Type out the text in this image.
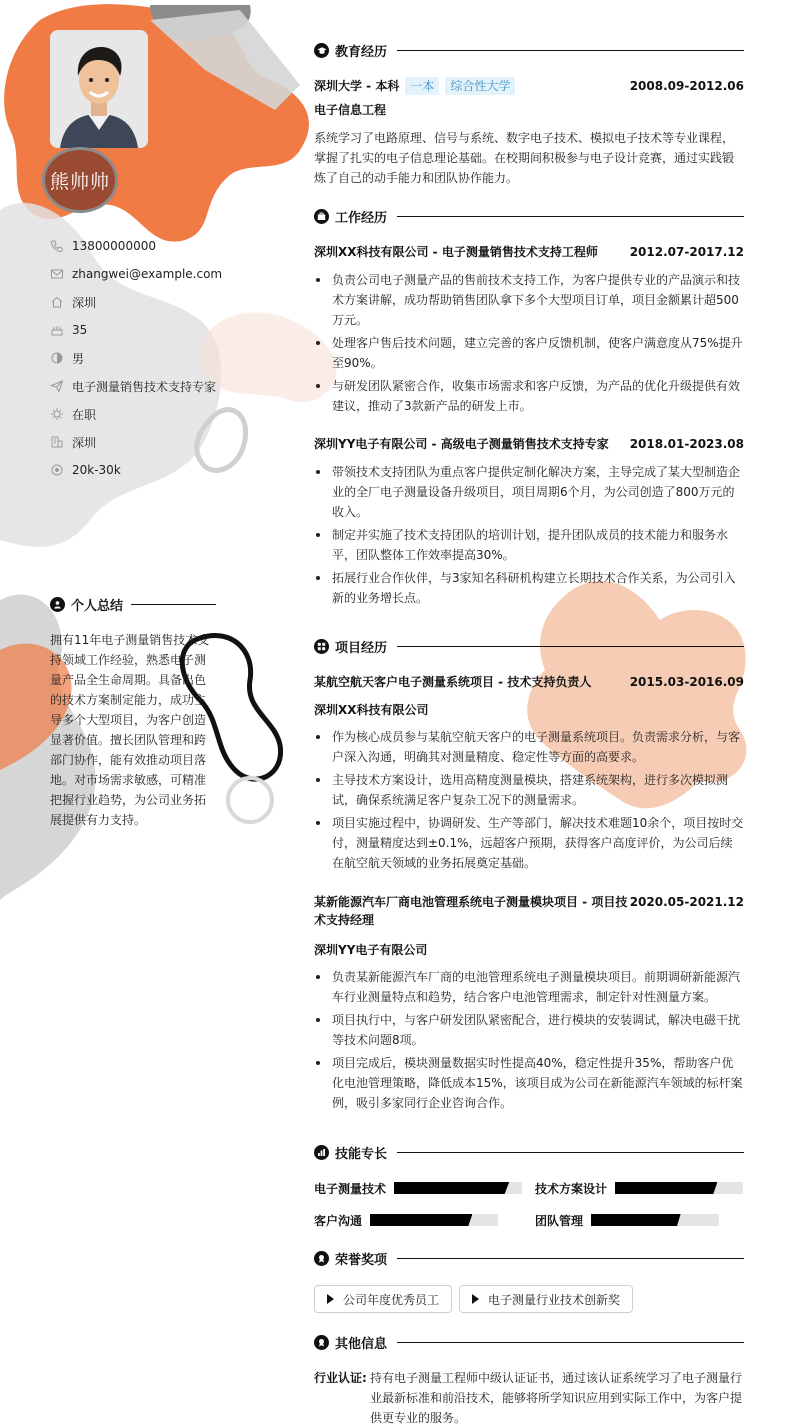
熊帅帅
13800000000
zhangwei@example.com
深圳
35
男
电子测量销售技术支持专家
在职
深圳
20k-30k
个人总结

拥有11年电子测量销售技术支持领域工作经验，熟悉电子测量产品全生命周期。具备出色的技术方案制定能力，成功主导多个大型项目，为客户创造显著价值。擅长团队管理和跨部门协作，能有效推动项目落地。对市场需求敏感，可精准把握行业趋势，为公司业务拓展提供有力支持。

教育经历
深圳大学 - 本科 一本 综合性大学	2008.09-2012.06
电子信息工程

系统学习了电路原理、信号与系统、数字电子技术、模拟电子技术等专业课程，掌握了扎实的电子信息理论基础。在校期间积极参与电子设计竞赛，通过实践锻炼了自己的动手能力和团队协作能力。

工作经历
深圳XX科技有限公司 - 电子测量销售技术支持工程师	2012.07-2017.12
负责公司电子测量产品的售前技术支持工作，为客户提供专业的产品演示和技术方案讲解，成功帮助销售团队拿下多个大型项目订单，项目金额累计超500万元。
处理客户售后技术问题，建立完善的客户反馈机制，使客户满意度从75%提升至90%。
与研发团队紧密合作，收集市场需求和客户反馈，为产品的优化升级提供有效建议，推动了3款新产品的研发上市。
深圳YY电子有限公司 - 高级电子测量销售技术支持专家 2018.01-2023.08
带领技术支持团队为重点客户提供定制化解决方案，主导完成了某大型制造企业的全厂电子测量设备升级项目，项目周期6个月，为公司创造了800万元的收入。
制定并实施了技术支持团队的培训计划，提升团队成员的技术能力和服务水平，团队整体工作效率提高30%。
拓展行业合作伙伴，与3家知名科研机构建立长期技术合作关系，为公司引入新的业务增长点。
项目经历
某航空航天客户电子测量系统项目 - 技术支持负责人	2015.03-2016.09
深圳XX科技有限公司
作为核心成员参与某航空航天客户的电子测量系统项目。负责需求分析，与客户深入沟通，明确其对测量精度、稳定性等方面的高要求。
主导技术方案设计，选用高精度测量模块，搭建系统架构，进行多次模拟测试，确保系统满足客户复杂工况下的测量需求。
项目实施过程中，协调研发、生产等部门，解决技术难题10余个，项目按时交付，测量精度达到±0.1%，远超客户预期，获得客户高度评价，为公司后续在航空航天领域的业务拓展奠定基础。
某新能源汽车厂商电池管理系统电子测量模块项目 - 项目技术支持经理
2020.05-2021.12
深圳YY电子有限公司
负责某新能源汽车厂商的电池管理系统电子测量模块项目。前期调研新能源汽车行业测量特点和趋势，结合客户电池管理需求，制定针对性测量方案。
项目执行中，与客户研发团队紧密配合，进行模块的安装调试，解决电磁干扰等技术问题8项。
项目完成后，模块测量数据实时性提高40%，稳定性提升35%，帮助客户优化电池管理策略，降低成本15%，该项目成为公司在新能源汽车领域的标杆案例，吸引多家同行企业咨询合作。
技能专长
电子测量技术	技术方案设计
客户沟通	团队管理
荣誉奖项
公司年度优秀员工	电子测量行业技术创新奖
其他信息
行业认证: 持有电子测量工程师中级认证证书，通过该认证系统学习了电子测量行业最新标准和前沿技术，能够将所学知识应用到实际工作中，为客户提供更专业的服务。
